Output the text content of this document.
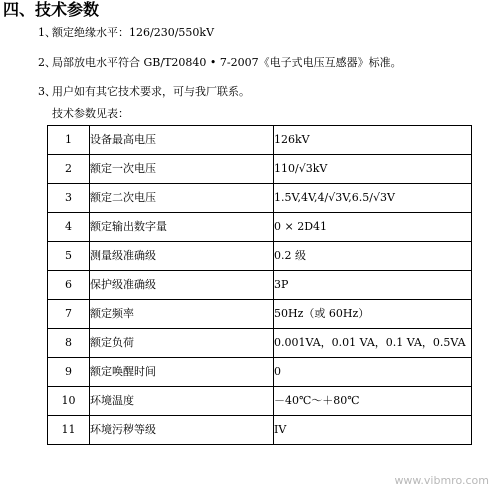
四、技术参数
1、额定绝缘水平：126/230/550kV
2、局部放电水平符合 GB/T20840 • 7-2007《电子式电压互感器》标准。
3、用户如有其它技术要求，可与我厂联系。
技术参数见表：
1	设备最高电压	126kV
2	额定一次电压	110/√3kV
3	额定二次电压	1.5V,4V,4/√3V,6.5/√3V
4	额定输出数字量	0 × 2D41
5	测量级准确级	0.2 级
6	保护级准确级	3P
7	额定频率	50Hz（或 60Hz）
8	额定负荷	0.001VA，0.01 VA，0.1 VA，0.5VA
9	额定唤醒时间	0
10	环境温度	－40℃～＋80℃
11	环境污秽等级	IV
www.vibmro.com
